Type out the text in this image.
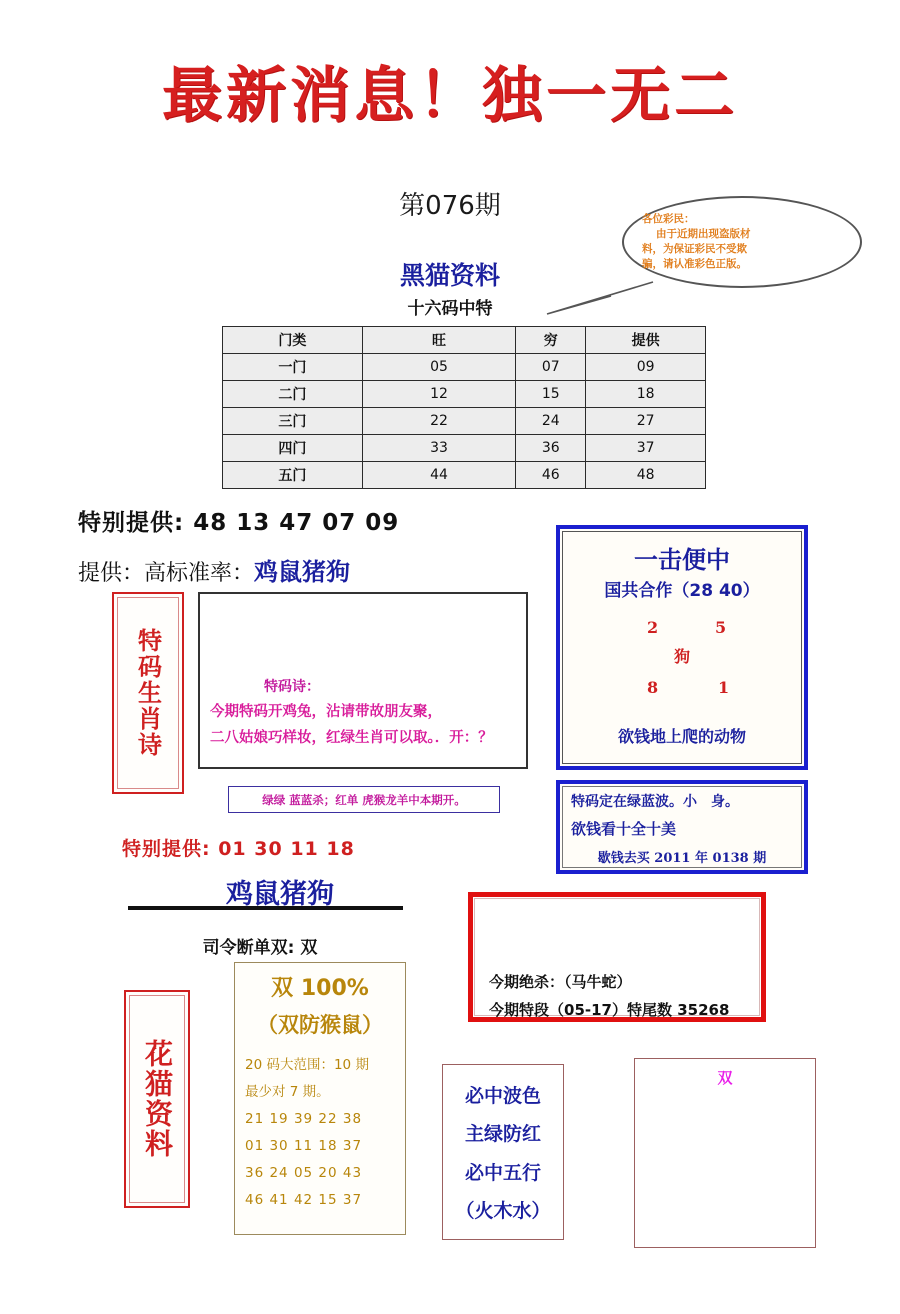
最新消息！独一无二
第076期	各位彩民：

由于近期出现盗版材
料，为保证彩民不受欺
骗，请认准彩色正版。
黑猫资料
十六码中特
门类	旺	穷	提供
一门	05	07	09
二门	12	15	18
三门	22	24	27
四门	33	36	37
五门	44	46	48
特别提供: 48 13 47 07 09
提供：高标准率：鸡鼠猪狗
特码生肖诗	特码诗：
今期特码开鸡兔，沾请带故朋友聚，
二八姑娘巧样妆，红绿生肖可以取。．开：？
绿绿 蓝蓝杀；红单 虎猴龙羊中本期开。
特别提供: 01 30 11 18
鸡鼠猪狗
司令断单双: 双
一击便中
国共合作（28 40）
2	5
狗
8	1
欲钱地上爬的动物
特码定在绿蓝波。小　身。
欲钱看十全十美
歇钱去买 2011 年 0138 期
今期绝杀：（马牛蛇）
今期特段（05-17）特尾数 35268
花猫资料
双 100%
（双防猴鼠）
20 码大范围：10 期
最少对 7 期。
21 19 39 22 38
01 30 11 18 37
36 24 05 20 43
46 41 42 15 37
必中波色
主绿防红
必中五行
（火木水）
双
